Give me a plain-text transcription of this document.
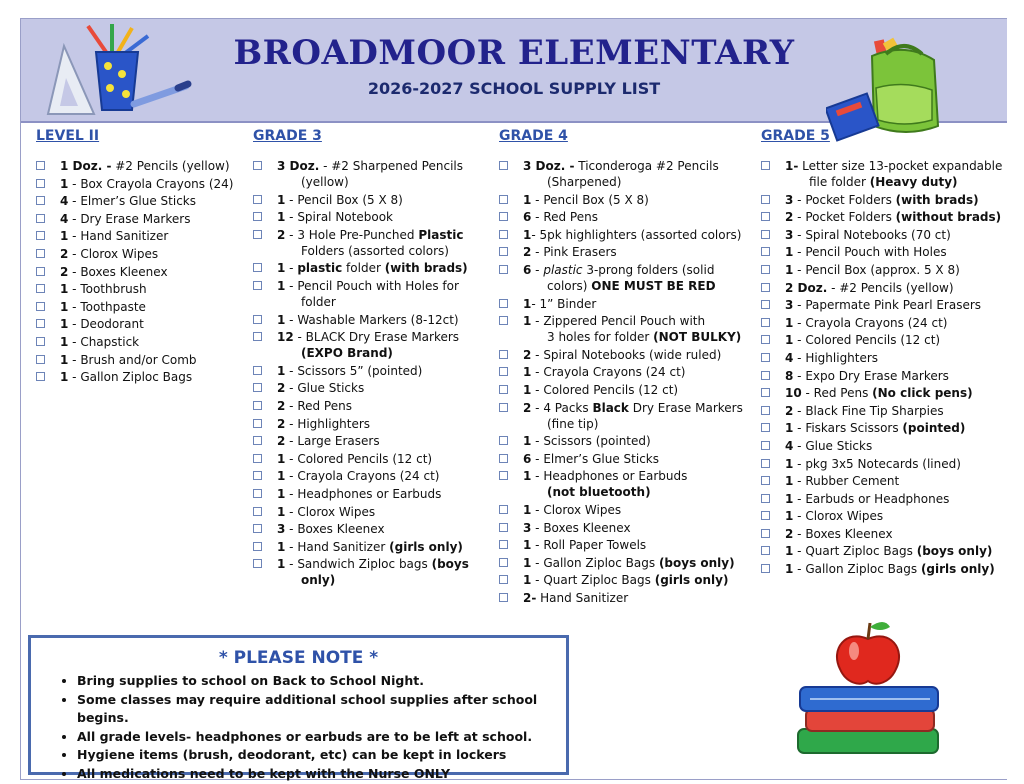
BROADMOOR ELEMENTARY
2026-2027 SCHOOL SUPPLY LIST
LEVEL II
1 Doz. - #2 Pencils (yellow)
1 - Box Crayola Crayons (24)
4 - Elmer’s Glue Sticks
4 - Dry Erase Markers
1 - Hand Sanitizer
2 - Clorox Wipes
2 - Boxes Kleenex
1 - Toothbrush
1 - Toothpaste
1 - Deodorant
1 - Chapstick
1 - Brush and/or Comb
1 - Gallon Ziploc Bags
GRADE 3
3 Doz. - #2 Sharpened Pencils
(yellow)
1 - Pencil Box (5 X 8)
1 - Spiral Notebook
2 - 3 Hole Pre-Punched Plastic
Folders (assorted colors)
1 - plastic folder (with brads)
1 - Pencil Pouch with Holes for
folder
1 - Washable Markers (8-12ct)
12 - BLACK Dry Erase Markers
(EXPO Brand)
1 - Scissors 5” (pointed)
2 - Glue Sticks
2 - Red Pens
2 - Highlighters
2 - Large Erasers
1 - Colored Pencils (12 ct)
1 - Crayola Crayons (24 ct)
1 - Headphones or Earbuds
1 - Clorox Wipes
3 - Boxes Kleenex
1 - Hand Sanitizer (girls only)
1 - Sandwich Ziploc bags (boys
only)
GRADE 4
3 Doz. - Ticonderoga #2 Pencils
(Sharpened)
1 - Pencil Box (5 X 8)
6 - Red Pens
1- 5pk highlighters (assorted colors)
2 - Pink Erasers
6 - plastic 3-prong folders (solid
colors) ONE MUST BE RED
1- 1” Binder
1 - Zippered Pencil Pouch with
3 holes for folder (NOT BULKY)
2 - Spiral Notebooks (wide ruled)
1 - Crayola Crayons (24 ct)
1 - Colored Pencils (12 ct)
2 - 4 Packs Black Dry Erase Markers
(fine tip)
1 - Scissors (pointed)
6 - Elmer’s Glue Sticks
1 - Headphones or Earbuds
(not bluetooth)
1 - Clorox Wipes
3 - Boxes Kleenex
1 - Roll Paper Towels
1 - Gallon Ziploc Bags (boys only)
1 - Quart Ziploc Bags (girls only)
2- Hand Sanitizer
GRADE 5
1- Letter size 13-pocket expandable
file folder (Heavy duty)
3 - Pocket Folders (with brads)
2 - Pocket Folders (without brads)
3 - Spiral Notebooks (70 ct)
1 - Pencil Pouch with Holes
1 - Pencil Box (approx. 5 X 8)
2 Doz. - #2 Pencils (yellow)
3 - Papermate Pink Pearl Erasers
1 - Crayola Crayons (24 ct)
1 - Colored Pencils (12 ct)
4 - Highlighters
8 - Expo Dry Erase Markers
10 - Red Pens (No click pens)
2 - Black Fine Tip Sharpies
1 - Fiskars Scissors (pointed)
4 - Glue Sticks
1 - pkg 3x5 Notecards (lined)
1 - Rubber Cement
1 - Earbuds or Headphones
1 - Clorox Wipes
2 - Boxes Kleenex
1 - Quart Ziploc Bags (boys only)
1 - Gallon Ziploc Bags (girls only)
* PLEASE NOTE *
• Bring supplies to school on Back to School Night.
• Some classes may require additional school supplies after school begins.
• All grade levels- headphones or earbuds are to be left at school.
• Hygiene items (brush, deodorant, etc) can be kept in lockers
• All medications need to be kept with the Nurse ONLY
